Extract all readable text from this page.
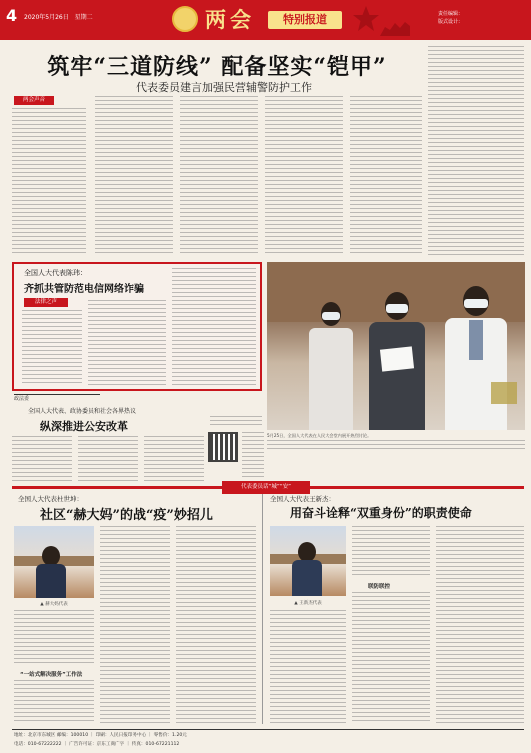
4 2020年5月26日 星期二	两会	特别报道	责任编辑：
版式设计：
筑牢“三道防线” 配备坚实“铠甲”
代表委员建言加强民营辅警防护工作
两会声音
全国人大代表陈玮：
齐抓共管防范电信网络诈骗
法律之声
5月25日，全国人大代表在人民大会堂内展开热烈讨论。
政法委
全国人大代表、政协委员和社会各界热议
纵深推进公安改革
代表委员话“城”“安”
全国人大代表杜世坤：
社区“赫大妈”的战“疫”妙招儿
▲ 赫大妈代表
“一站式解决服务”工作法
全国人大代表王新杰：
用奋斗诠释“双重身份”的职责使命
▲ 王新杰代表
联防联控
地址：北京市东城区 邮编：100010 ｜ 印刷：人民日报印务中心 ｜ 零售价：1.20元
电话：010-67222222 ｜ 广告许可证：京东工商广字 ｜ 传真：010-67221112
